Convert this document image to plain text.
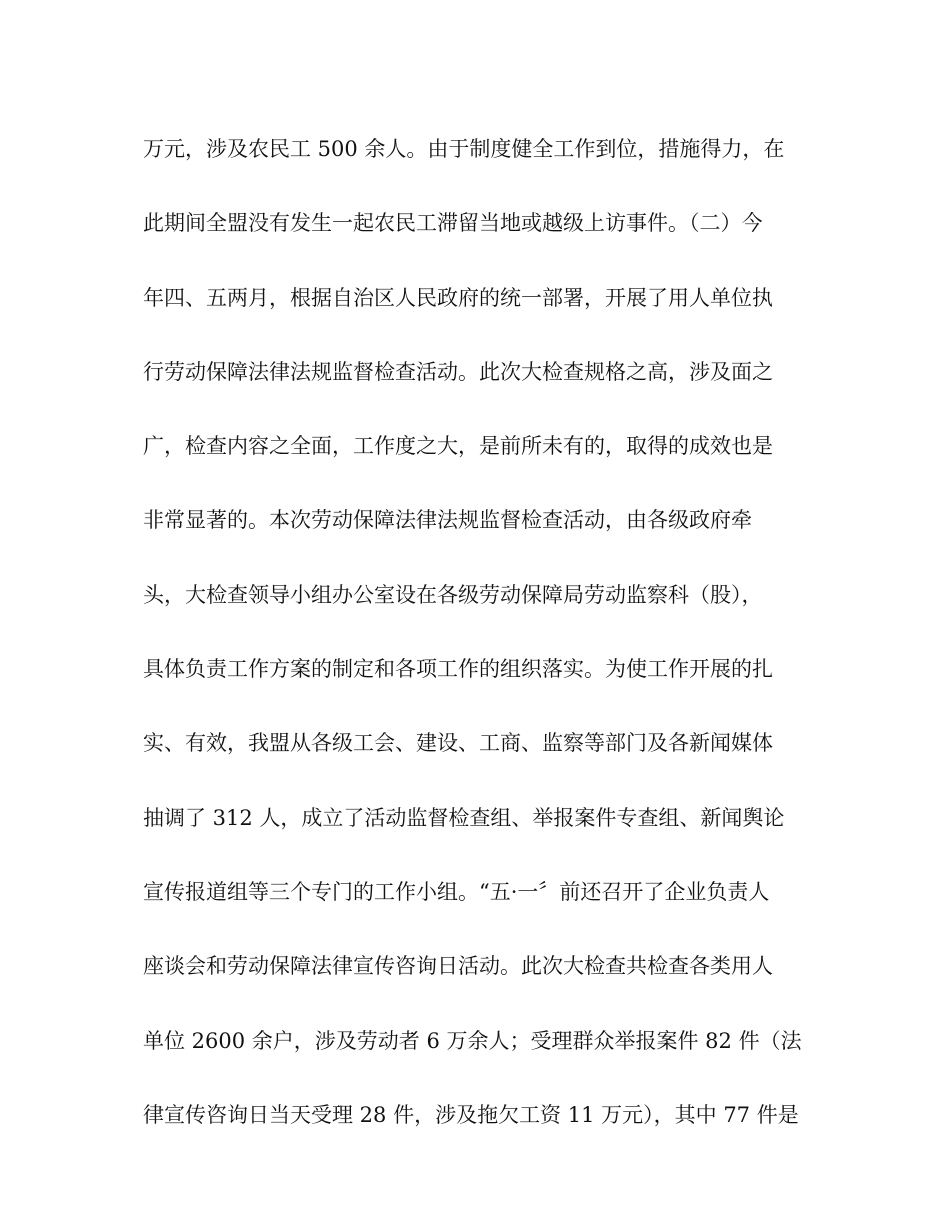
万元，涉及农民工 500 余人。由于制度健全工作到位，措施得力，在
此期间全盟没有发生一起农民工滞留当地或越级上访事件。（二）今
年四、五两月，根据自治区人民政府的统一部署，开展了用人单位执
行劳动保障法律法规监督检查活动。此次大检查规格之高，涉及面之
广，检查内容之全面，工作度之大，是前所未有的，取得的成效也是
非常显著的。本次劳动保障法律法规监督检查活动，由各级政府牵
头，大检查领导小组办公室设在各级劳动保障局劳动监察科（股），
具体负责工作方案的制定和各项工作的组织落实。为使工作开展的扎
实、有效，我盟从各级工会、建设、工商、监察等部门及各新闻媒体
抽调了 312 人，成立了活动监督检查组、举报案件专查组、新闻舆论
宣传报道组等三个专门的工作小组。“五·一〞前还召开了企业负责人
座谈会和劳动保障法律宣传咨询日活动。此次大检查共检查各类用人
单位 2600 余户，涉及劳动者 6 万余人；受理群众举报案件 82 件（法
律宣传咨询日当天受理 28 件，涉及拖欠工资 11 万元），其中 77 件是
